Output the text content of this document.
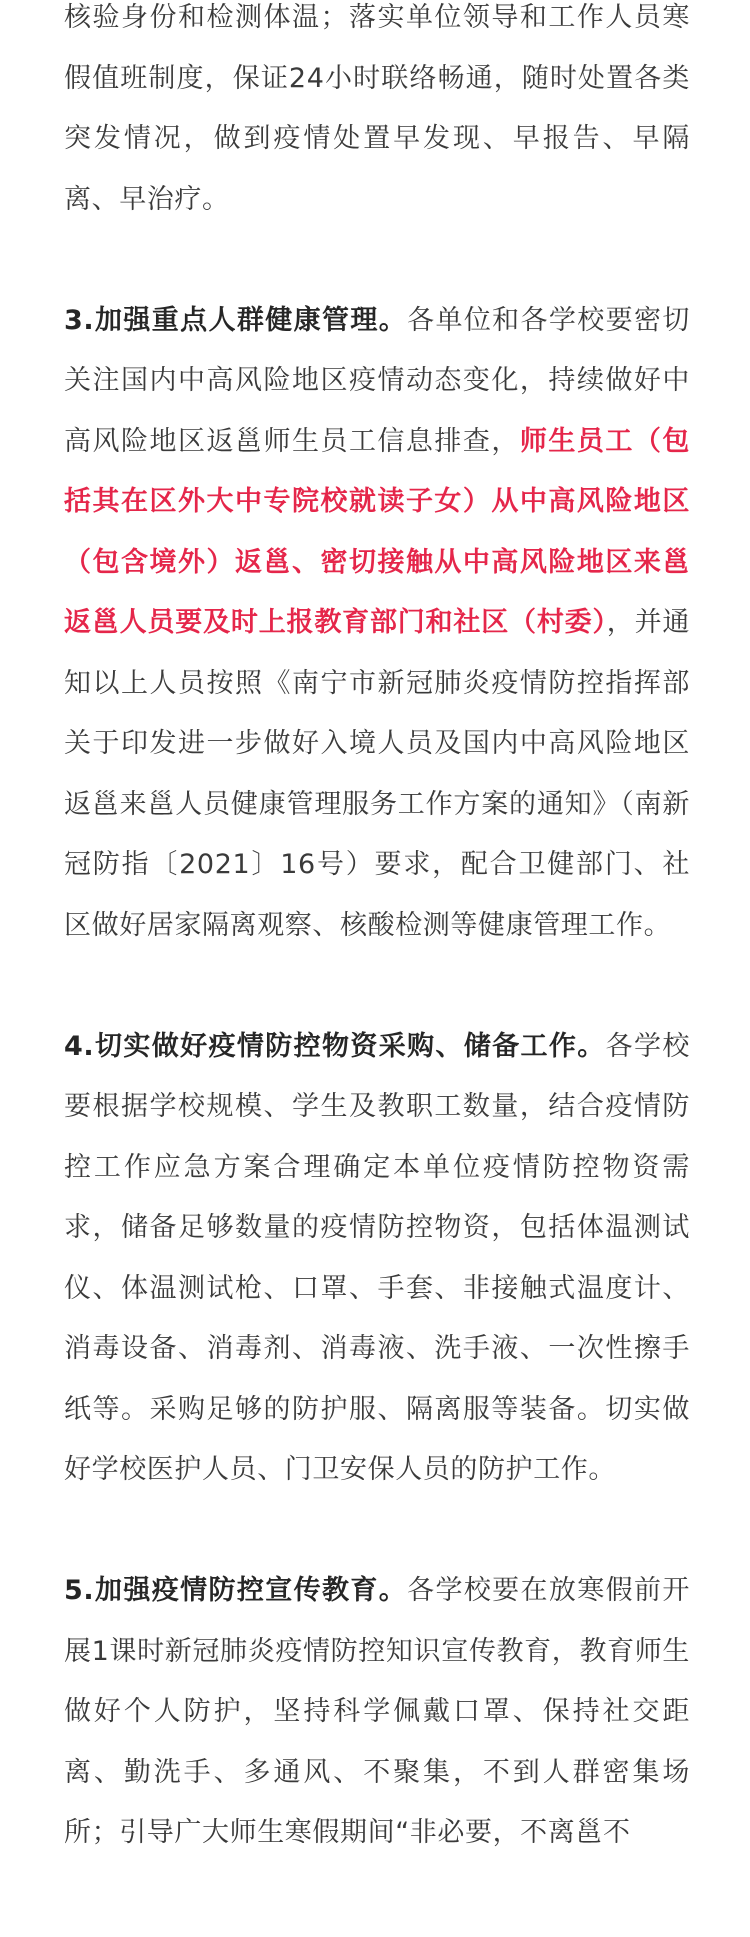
核验身份和检测体温；落实单位领导和工作人员寒假值班制度，保证24小时联络畅通，随时处置各类突发情况，做到疫情处置早发现、早报告、早隔离、早治疗。

3.加强重点人群健康管理。各单位和各学校要密切关注国内中高风险地区疫情动态变化，持续做好中高风险地区返邕师生员工信息排查，师生员工（包括其在区外大中专院校就读子女）从中高风险地区（包含境外）返邕、密切接触从中高风险地区来邕返邕人员要及时上报教育部门和社区（村委），并通知以上人员按照《南宁市新冠肺炎疫情防控指挥部关于印发进一步做好入境人员及国内中高风险地区返邕来邕人员健康管理服务工作方案的通知》（南新冠防指〔2021〕16号）要求，配合卫健部门、社区做好居家隔离观察、核酸检测等健康管理工作。

4.切实做好疫情防控物资采购、储备工作。各学校要根据学校规模、学生及教职工数量，结合疫情防控工作应急方案合理确定本单位疫情防控物资需求，储备足够数量的疫情防控物资，包括体温测试仪、体温测试枪、口罩、手套、非接触式温度计、消毒设备、消毒剂、消毒液、洗手液、一次性擦手纸等。采购足够的防护服、隔离服等装备。切实做好学校医护人员、门卫安保人员的防护工作。

5.加强疫情防控宣传教育。各学校要在放寒假前开展1课时新冠肺炎疫情防控知识宣传教育，教育师生做好个人防护，坚持科学佩戴口罩、保持社交距离、勤洗手、多通风、不聚集，不到人群密集场所；引导广大师生寒假期间“非必要，不离邕不
